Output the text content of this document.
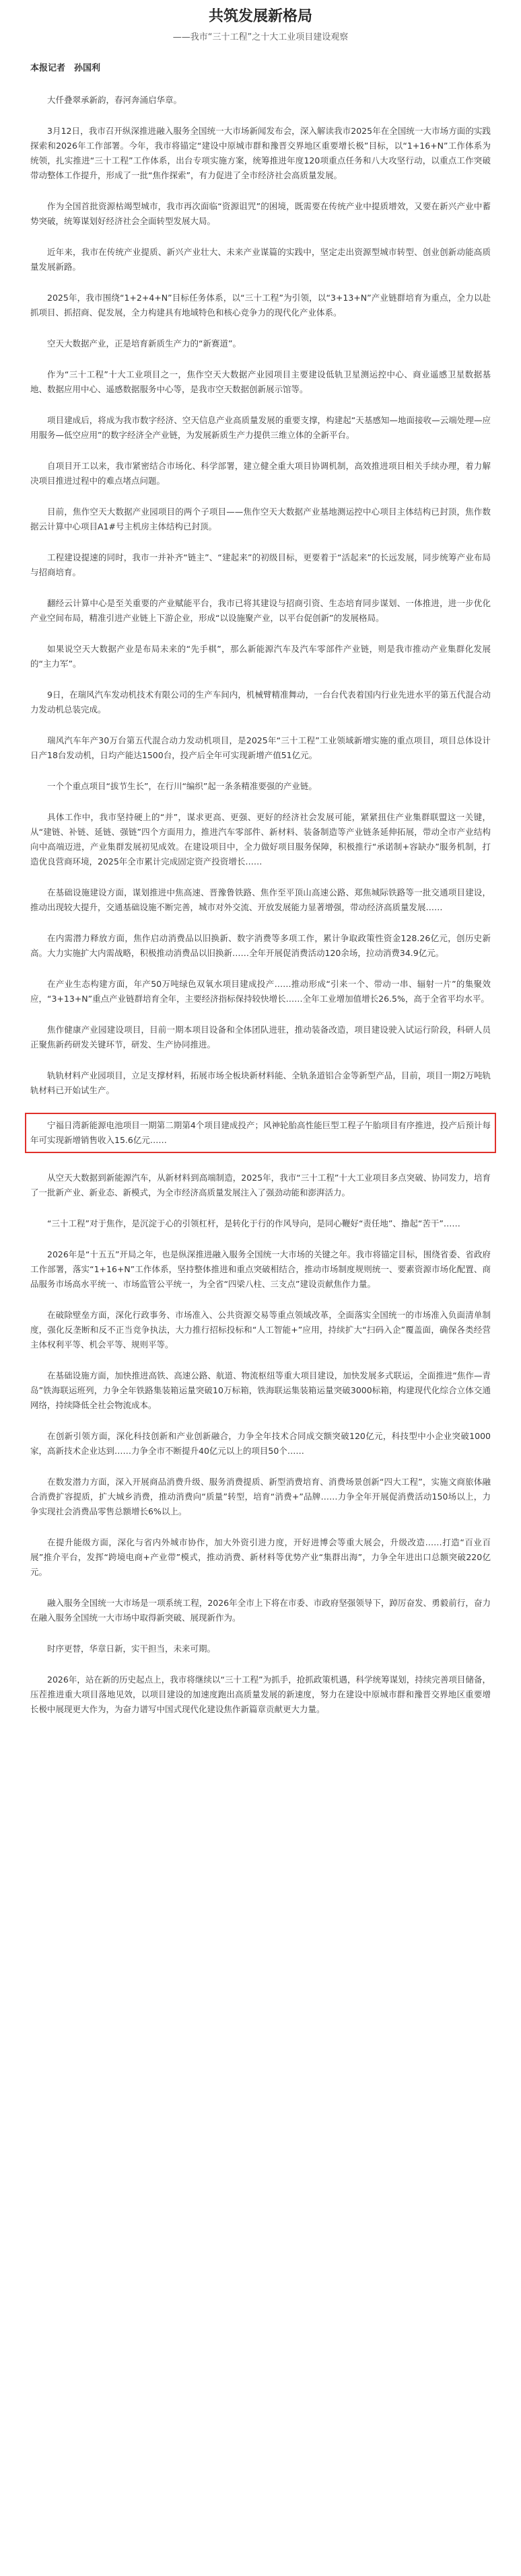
共筑发展新格局

——我市“三十工程”之十大工业项目建设观察

本报记者　孙国利

大仟叠翠承新韵，春河奔涌启华章。

3月12日，我市召开纵深推进融入服务全国统一大市场新闻发布会，深入解读我市2025年在全国统一大市场方面的实践探索和2026年工作部署。今年，我市将锚定“建设中原城市群和豫晋交界地区重要增长极”目标，以“1+16+N”工作体系为统领，扎实推进“三十工程”工作体系，出台专项实施方案，统筹推进年度120项重点任务和八大攻坚行动，以重点工作突破带动整体工作提升，形成了一批“焦作探索”，有力促进了全市经济社会高质量发展。

作为全国首批资源枯竭型城市，我市再次面临“资源诅咒”的困境，既需要在传统产业中提质增效，又要在新兴产业中蓄势突破，统筹谋划好经济社会全面转型发展大局。

近年来，我市在传统产业提质、新兴产业壮大、未来产业谋篇的实践中，坚定走出资源型城市转型、创业创新动能高质量发展新路。

2025年，我市围绕“1+2+4+N”目标任务体系，以“三十工程”为引领，以“3+13+N”产业链群培育为重点，全力以赴抓项目、抓招商、促发展，全力构建具有地域特色和核心竞争力的现代化产业体系。

空天大数据产业，正是培育新质生产力的“新赛道”。

作为“三十工程”十大工业项目之一，焦作空天大数据产业园项目主要建设低轨卫星测运控中心、商业遥感卫星数据基地、数据应用中心、遥感数据服务中心等，是我市空天数据创新展示馆等。

项目建成后，将成为我市数字经济、空天信息产业高质量发展的重要支撑，构建起“天基感知—地面接收—云端处理—应用服务—低空应用”的数字经济全产业链，为发展新质生产力提供三维立体的全新平台。

自项目开工以来，我市紧密结合市场化、科学部署，建立健全重大项目协调机制，高效推进项目相关手续办理，着力解决项目推进过程中的难点堵点问题。

目前，焦作空天大数据产业园项目的两个子项目——焦作空天大数据产业基地测运控中心项目主体结构已封顶，焦作数据云计算中心项目A1#号主机房主体结构已封顶。

工程建设提速的同时，我市一并补齐“链主”、“建起来”的初级目标，更要着于“活起来”的长远发展，同步统筹产业布局与招商培育。

翻经云计算中心是至关重要的产业赋能平台，我市已将其建设与招商引资、生态培育同步谋划、一体推进，进一步优化产业空间布局，精准引进产业链上下游企业，形成“以设施聚产业，以平台促创新”的发展格局。

如果说空天大数据产业是布局未来的“先手棋”，那么新能源汽车及汽车零部件产业链，则是我市推动产业集群化发展的“主力军”。

9日，在瑞风汽车发动机技术有限公司的生产车间内，机械臂精准舞动，一台台代表着国内行业先进水平的第五代混合动力发动机总装完成。

瑞风汽车年产30万台第五代混合动力发动机项目，是2025年“三十工程”工业领域新增实施的重点项目，项目总体设计日产18台发动机，日均产能达1500台，投产后全年可实现新增产值51亿元。

一个个重点项目“拔节生长”，在行川“编织”起一条条精准要强的产业链。

具体工作中，我市坚持硬上的“并”，谋求更高、更强、更好的经济社会发展可能，紧紧扭住产业集群联盟这一关键，从“建链、补链、延链、强链”四个方面用力，推进汽车零部件、新材料、装备制造等产业链条延伸拓展，带动全市产业结构向中高端迈进，产业集群发展初见成效。在建设项目中，全力做好项目服务保障，积极推行“承诺制+容缺办”服务机制，打造优良营商环境，2025年全市累计完成固定资产投资增长……

在基础设施建设方面，谋划推进中焦高速、晋豫鲁铁路、焦作至平顶山高速公路、郑焦城际铁路等一批交通项目建设，推动出现较大提升，交通基础设施不断完善，城市对外交流、开放发展能力显著增强，带动经济高质量发展……

在内需潜力释放方面，焦作启动消费品以旧换新、数字消费等多项工作，累计争取政策性资金128.26亿元，创历史新高。大力实施扩大内需战略，积极推动消费品以旧换新……全年开展促消费活动120余场，拉动消费34.9亿元。

在产业生态构建方面，年产50万吨绿色双氧水项目建成投产……推动形成“引来一个、带动一串、辐射一片”的集聚效应，“3+13+N”重点产业链群培育全年，主要经济指标保持较快增长……全年工业增加值增长26.5%，高于全省平均水平。

焦作健康产业园建设项目，目前一期本项目设备和全体团队进驻，推动装备改造，项目建设驶入试运行阶段，科研人员正聚焦新药研发关键环节，研发、生产协同推进。

轨轨材料产业园项目，立足支撑材料，拓展市场全板块新材料能、全轨条道铝合金等新型产品，目前，项目一期2万吨轨轨材料已开始试生产。

宁福日湾新能源电池项目一期第二期第4个项目建成投产；风神轮胎高性能巨型工程子午胎项目有序推进，投产后预计每年可实现新增销售收入15.6亿元……

从空天大数据到新能源汽车，从新材料到高端制造，2025年，我市“三十工程”十大工业项目多点突破、协同发力，培育了一批新产业、新业态、新模式，为全市经济高质量发展注入了强劲动能和澎湃活力。

“三十工程”对于焦作，是沉淀于心的引领杠杆，是转化于行的作风导向，是同心鞭好“责任地”、撸起“苦干”……

2026年是“十五五”开局之年，也是纵深推进融入服务全国统一大市场的关键之年。我市将锚定目标，围绕省委、省政府工作部署，落实“1+16+N”工作体系，坚持整体推进和重点突破相结合，推动市场制度规则统一、要素资源市场化配置、商品服务市场高水平统一、市场监管公平统一，为全省“四梁八柱、三支点”建设贡献焦作力量。

在破除壁垒方面，深化行政事务、市场准入、公共资源交易等重点领域改革，全面落实全国统一的市场准入负面清单制度，强化反垄断和反不正当竞争执法，大力推行招标投标和“人工智能+”应用，持续扩大“扫码入企”覆盖面，确保各类经营主体权利平等、机会平等、规则平等。

在基础设施方面，加快推进高铁、高速公路、航道、物流枢纽等重大项目建设，加快发展多式联运，全面推进“焦作—青岛”铁海联运班列，力争全年铁路集装箱运量突破10万标箱，铁海联运集装箱运量突破3000标箱，构建现代化综合立体交通网络，持续降低全社会物流成本。

在创新引领方面，深化科技创新和产业创新融合，力争全年技术合同成交额突破120亿元，科技型中小企业突破1000家，高新技术企业达到……力争全市不断提升40亿元以上的项目50个……

在数发潜力方面，深入开展商品消费升级、服务消费提质、新型消费培育、消费场景创新“四大工程”，实施文商旅体融合消费扩容提质，扩大城乡消费，推动消费向“质量”转型，培育“消费+”品牌……力争全年开展促消费活动150场以上，力争实现社会消费品零售总额增长6%以上。

在提升能级方面，深化与省内外城市协作，加大外资引进力度，开好进博会等重大展会，升级改造……打造“百业百展”推介平台，发挥“跨境电商+产业带”模式，推动消费、新材料等优势产业“集群出海”，力争全年进出口总额突破220亿元。

融入服务全国统一大市场是一项系统工程，2026年全市上下将在市委、市政府坚强领导下，踔厉奋发、勇毅前行，奋力在融入服务全国统一大市场中取得新突破、展现新作为。

时序更替，华章日新，实干担当，未来可期。

2026年，站在新的历史起点上，我市将继续以“三十工程”为抓手，抢抓政策机遇，科学统筹谋划，持续完善项目储备，压茬推进重大项目落地见效，以项目建设的加速度跑出高质量发展的新速度，努力在建设中原城市群和豫晋交界地区重要增长极中展现更大作为，为奋力谱写中国式现代化建设焦作新篇章贡献更大力量。
